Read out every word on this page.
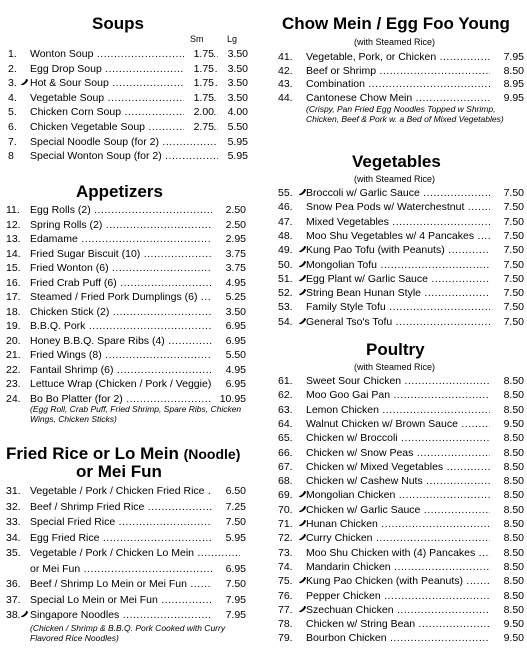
Soups
Sm	Lg
1.	Wonton Soup .....	1.75	3.50
2.	Egg Drop Soup .....	1.75	3.50
3.	Hot & Sour Soup .....	1.75	3.50
4.	Vegetable Soup .....	1.75	3.50
5.	Chicken Corn Soup .....	2.00	4.00
6.	Chicken Vegetable Soup .....	2.75	5.50
7.	Special Noodle Soup (for 2) .....	5.95
8	Special Wonton Soup (for 2) .....	5.95
Appetizers
11. Egg Rolls (2) .....	2.50
12. Spring Rolls (2) .....	2.50
13. Edamame .....	2.95
14. Fried Sugar Biscuit (10) .....	3.75
15. Fried Wonton (6) .....	3.75
16. Fried Crab Puff (6) .....	4.95
17. Steamed / Fried Pork Dumplings (6) .....	5.25
18. Chicken Stick (2) .....	3.50
19. B.B.Q. Pork .....	6.95
20. Honey B.B.Q. Spare Ribs (4) .....	6.95
21. Fried Wings (8) .....	5.50
22. Fantail Shrimp (6) .....	4.95
23. Lettuce Wrap (Chicken / Pork / Veggie) .....	6.95
24. Bo Bo Platter (for 2) .....	10.95
(Egg Roll, Crab Puff, Fried Shrimp, Spare Ribs, Chicken Wings, Chicken Sticks)
Fried Rice or Lo Mein (Noodle)
or Mei Fun
31. Vegetable / Pork / Chicken Fried Rice .....	6.50
32. Beef / Shrimp Fried Rice .....	7.25
33. Special Fried Rice .....	7.50
34. Egg Fried Rice .....	5.95
35. Vegetable / Pork / Chicken Lo Mein .....
or Mei Fun .....	6.95
36. Beef / Shrimp Lo Mein or Mei Fun .....	7.50
37. Special Lo Mein or Mei Fun .....	7.95
38. Singapore Noodles .....	7.95
(Chicken / Shrimp & B.B.Q. Pork Cooked with Curry Flavored Rice Noodles)
Chow Mein / Egg Foo Young
(with Steamed Rice)
41.	Vegetable, Pork, or Chicken .....	7.95
42.	Beef or Shrimp .....	8.50
43.	Combination .....	8.95
44.	Cantonese Chow Mein .....	9.95
(Crispy, Pan Fried Egg Noodles Topped w Shrimp, Chicken, Beef & Pork w. a Bed of Mixed Vegetables)
Vegetables
(with Steamed Rice)
55.	Broccoli w/ Garlic Sauce .....	7.50
46.	Snow Pea Pods w/ Waterchestnut .....	7.50
47.	Mixed Vegetables .....	7.50
48.	Moo Shu Vegetables w/ 4 Pancakes .....	7.50
49.	Kung Pao Tofu (with Peanuts) .....	7.50
50.	Mongolian Tofu .....	7.50
51.	Egg Plant w/ Garlic Sauce .....	7.50
52.	String Bean Hunan Style .....	7.50
53.	Family Style Tofu .....	7.50
54.	General Tso's Tofu .....	7.50
Poultry
(with Steamed Rice)
61.	Sweet Sour Chicken .....	8.50
62.	Moo Goo Gai Pan .....	8.50
63.	Lemon Chicken .....	8.50
64.	Walnut Chicken w/ Brown Sauce .....	9.50
65.	Chicken w/ Broccoli .....	8.50
66.	Chicken w/ Snow Peas .....	8.50
67.	Chicken w/ Mixed Vegetables .....	8.50
68.	Chicken w/ Cashew Nuts .....	8.50
69.	Mongolian Chicken .....	8.50
70.	Chicken w/ Garlic Sauce .....	8.50
71.	Hunan Chicken .....	8.50
72.	Curry Chicken .....	8.50
73.	Moo Shu Chicken with (4) Pancakes .....	8.50
74.	Mandarin Chicken .....	8.50
75.	Kung Pao Chicken (with Peanuts) .....	8.50
76.	Pepper Chicken .....	8.50
77.	Szechuan Chicken .....	8.50
78.	Chicken w/ String Bean .....	9.50
79.	Bourbon Chicken .....	9.50
